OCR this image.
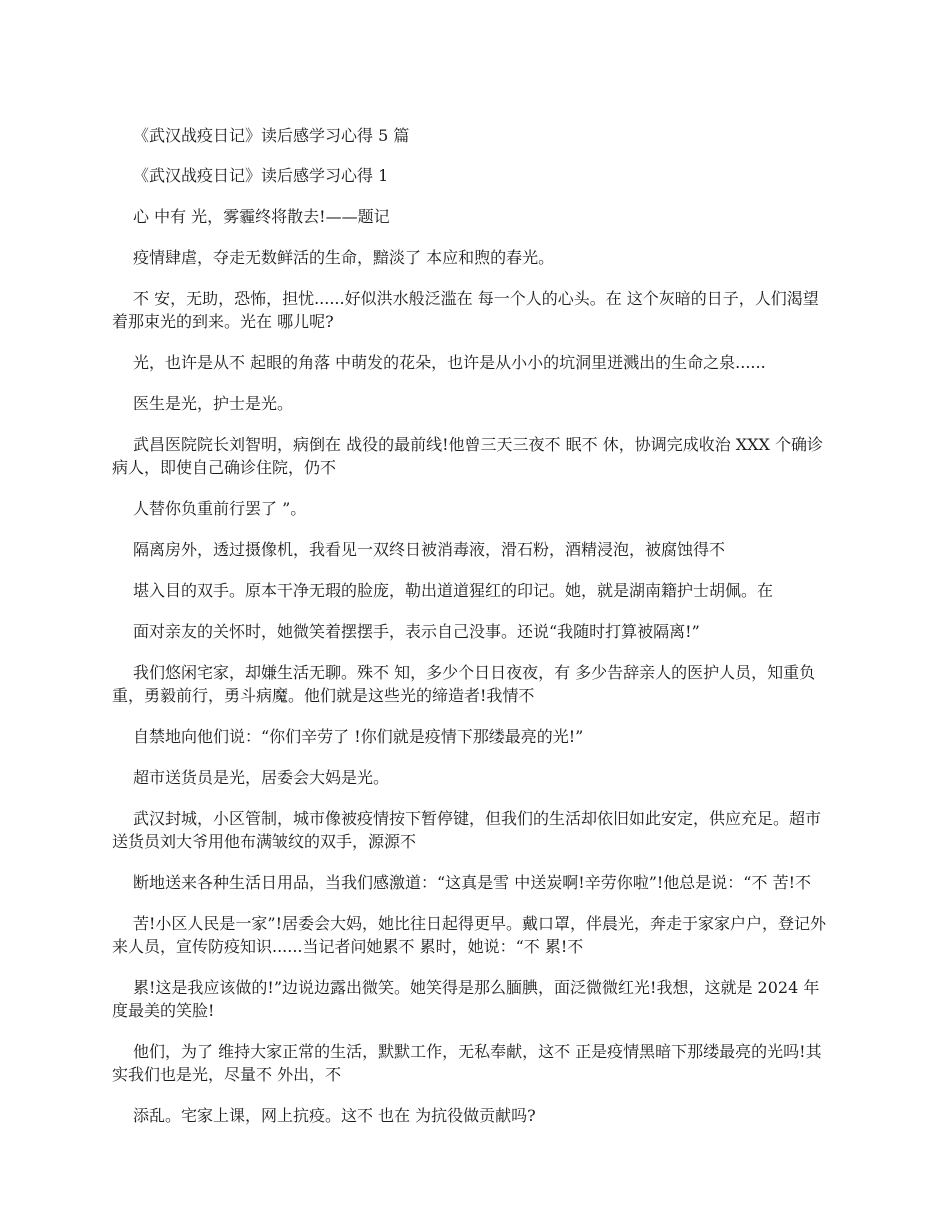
《武汉战疫日记》读后感学习心得 5 篇

《武汉战疫日记》读后感学习心得 1

心 中有 光，雾霾终将散去!——题记

疫情肆虐，夺走无数鲜活的生命，黯淡了 本应和煦的春光。

不 安，无助，恐怖，担忧......好似洪水般泛滥在 每一个人的心头。在 这个灰暗的日子，人们渴望着那束光的到来。光在 哪儿呢?

光，也许是从不 起眼的角落 中萌发的花朵，也许是从小小的坑洞里迸溅出的生命之泉......

医生是光，护士是光。

武昌医院院长刘智明，病倒在 战役的最前线!他曾三天三夜不 眠不 休，协调完成收治 XXX 个确诊病人，即使自己确诊住院，仍不

人替你负重前行罢了 ”。

隔离房外，透过摄像机，我看见一双终日被消毒液，滑石粉，酒精浸泡，被腐蚀得不

堪入目的双手。原本干净无瑕的脸庞，勒出道道猩红的印记。她，就是湖南籍护士胡佩。在

面对亲友的关怀时，她微笑着摆摆手，表示自己没事。还说“我随时打算被隔离!”

我们悠闲宅家，却嫌生活无聊。殊不 知，多少个日日夜夜，有 多少告辞亲人的医护人员，知重负重，勇毅前行，勇斗病魔。他们就是这些光的缔造者!我情不

自禁地向他们说：“你们辛劳了 !你们就是疫情下那缕最亮的光!”

超市送货员是光，居委会大妈是光。

武汉封城，小区管制，城市像被疫情按下暂停键，但我们的生活却依旧如此安定，供应充足。超市送货员刘大爷用他布满皱纹的双手，源源不

断地送来各种生活日用品，当我们感激道：“这真是雪 中送炭啊!辛劳你啦”!他总是说：“不 苦!不

苦!小区人民是一家”!居委会大妈，她比往日起得更早。戴口罩，伴晨光，奔走于家家户户，登记外来人员，宣传防疫知识......当记者问她累不 累时，她说：“不 累!不

累!这是我应该做的!”边说边露出微笑。她笑得是那么腼腆，面泛微微红光!我想，这就是 2024 年度最美的笑脸!

他们，为了 维持大家正常的生活，默默工作，无私奉献，这不 正是疫情黑暗下那缕最亮的光吗!其实我们也是光，尽量不 外出，不

添乱。宅家上课，网上抗疫。这不 也在 为抗役做贡献吗?
